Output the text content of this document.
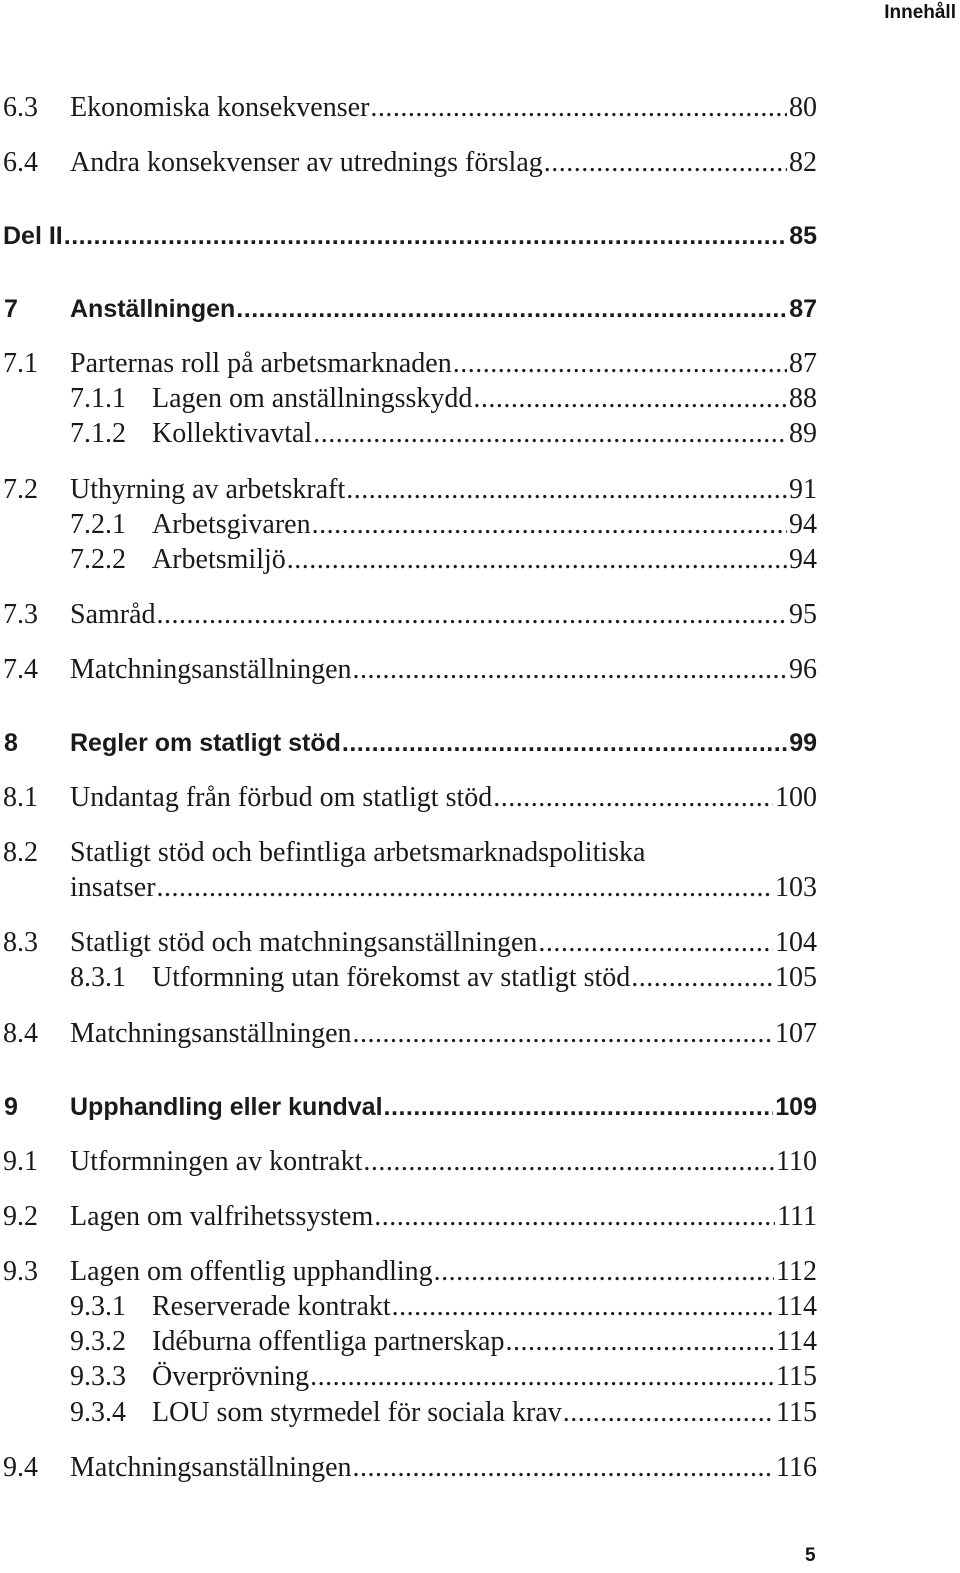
Innehåll
6.3 Ekonomiska konsekvenser .....	80
6.4 Andra konsekvenser av utrednings förslag .....	82
Del II .....	85
7 Anställningen .....	87
7.1 Parternas roll på arbetsmarknaden .....	87
7.1.1 Lagen om anställningsskydd .....	88
7.1.2 Kollektivavtal .....	89
7.2 Uthyrning av arbetskraft .....	91
7.2.1 Arbetsgivaren .....	94
7.2.2 Arbetsmiljö .....	94
7.3 Samråd .....	95
7.4 Matchningsanställningen .....	96
8 Regler om statligt stöd .....	99
8.1 Undantag från förbud om statligt stöd .....	100
8.2 Statligt stöd och befintliga arbetsmarknadspolitiska
insatser .....	103
8.3 Statligt stöd och matchningsanställningen .....	104
8.3.1 Utformning utan förekomst av statligt stöd .....	105
8.4 Matchningsanställningen .....	107
9 Upphandling eller kundval .....	109
9.1 Utformningen av kontrakt .....	110
9.2 Lagen om valfrihetssystem .....	111
9.3 Lagen om offentlig upphandling .....	112
9.3.1 Reserverade kontrakt .....	114
9.3.2 Idéburna offentliga partnerskap .....	114
9.3.3 Överprövning .....	115
9.3.4 LOU som styrmedel för sociala krav .....	115
9.4 Matchningsanställningen .....	116
5
